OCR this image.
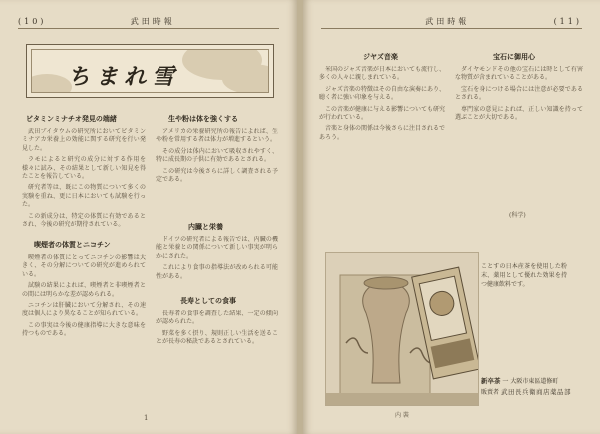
(10)	武田時報
ちまれ雪
ビタミンミナチオ発見の端緒

武田プイタウムの研究所においてビタミンミナアカ栄養上の効能に関する研究を行い発見した。

ラモによると研究の成分に対する作用を様々に試み、その結果として新しい知見を得たことを報告している。

研究者等は、既にこの物質について多くの実験を重ね、更に日本においても試験を行った。

この新成分は、特定の体質に有効であるとされ、今後の研究が期待されている。

喫煙者の体質とニコチン

喫煙者の体質にとってニコチンの影響は大きく、その分解についての研究が進められている。

試験の結果によれば、喫煙者と非喫煙者との間には明らかな差が認められる。

ニコチンは肝臓において分解され、その速度は個人により異なることが知られている。

この事実は今後の健康指導に大きな意味を持つものである。

生や粉は体を強くする

アメリカの栄養研究所の報告によれば、生や粉を常用する者は体力が増進するという。

その成分は体内において吸収されやすく、特に成長期の子供に有効であるとされる。

この研究は今後さらに詳しく調査される予定である。

内臓と栄養

ドイツの研究者による報告では、内臓の機能と栄養との関係について新しい事実が明らかにされた。

これにより食事の指導法が改められる可能性がある。

長寿としての食事

長寿者の食事を調査した結果、一定の傾向が認められた。

野菜を多く摂り、規則正しい生活を送ることが長寿の秘訣であるとされている。

1
武田時報	(11)
ジヤズ音楽

米国のジャズ音楽が日本においても流行し、多くの人々に親しまれている。

ジャズ音楽の特徴はその自由な演奏にあり、聴く者に強い印象を与える。

この音楽が健康に与える影響についても研究が行われている。

音楽と身体の関係は今後さらに注目されるであろう。

宝石に御用心

ダイヤモンドその他の宝石には時として有害な物質が含まれていることがある。

宝石を身につける場合には注意が必要であるとされる。

専門家の意見によれば、正しい知識を持って選ぶことが大切である。

(科学)
内 裝
ことすの日本産茶を使用した粉末、薬用として優れた効果を持つ健康飲料です。
新卒茶 一 大阪市東區道修町
販賣者 武田長兵衛商店薬品部
